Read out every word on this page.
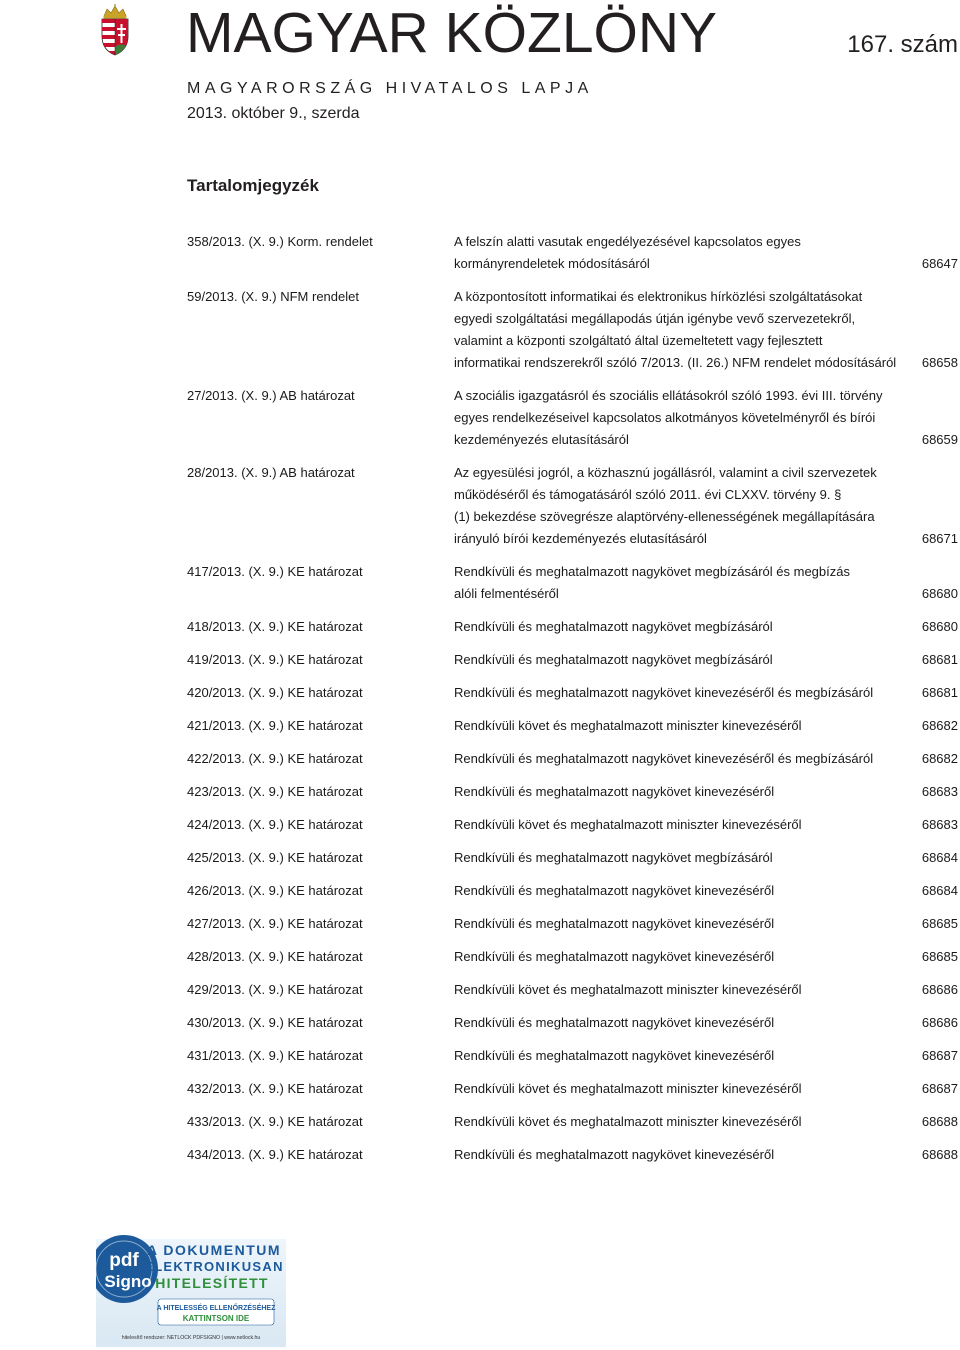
MAGYAR KÖZLÖNY	167. szám
MAGYARORSZÁG HIVATALOS LAPJA
2013. október 9., szerda
Tartalomjegyzék
358/2013. (X. 9.) Korm. rendelet	A felszín alatti vasutak engedélyezésével kapcsolatos egyes
kormányrendeletek módosításáról	68647
59/2013. (X. 9.) NFM rendelet	A központosított informatikai és elektronikus hírközlési szolgáltatásokat
egyedi szolgáltatási megállapodás útján igénybe vevő szervezetekről,
valamint a központi szolgáltató által üzemeltetett vagy fejlesztett
informatikai rendszerekről szóló 7/2013. (II. 26.) NFM rendelet módosításáról 68658
27/2013. (X. 9.) AB határozat	A szociális igazgatásról és szociális ellátásokról szóló 1993. évi III. törvény
egyes rendelkezéseivel kapcsolatos alkotmányos követelményről és bírói
kezdeményezés elutasításáról	68659
28/2013. (X. 9.) AB határozat	Az egyesülési jogról, a közhasznú jogállásról, valamint a civil szervezetek
működéséről és támogatásáról szóló 2011. évi CLXXV. törvény 9. §
(1) bekezdése szövegrésze alaptörvény-ellenességének megállapítására
irányuló bírói kezdeményezés elutasításáról	68671
417/2013. (X. 9.) KE határozat	Rendkívüli és meghatalmazott nagykövet megbízásáról és megbízás
alóli felmentéséről	68680
418/2013. (X. 9.) KE határozat	Rendkívüli és meghatalmazott nagykövet megbízásáról	68680
419/2013. (X. 9.) KE határozat	Rendkívüli és meghatalmazott nagykövet megbízásáról	68681
420/2013. (X. 9.) KE határozat	Rendkívüli és meghatalmazott nagykövet kinevezéséről és megbízásáról	68681
421/2013. (X. 9.) KE határozat	Rendkívüli követ és meghatalmazott miniszter kinevezéséről	68682
422/2013. (X. 9.) KE határozat	Rendkívüli és meghatalmazott nagykövet kinevezéséről és megbízásáról	68682
423/2013. (X. 9.) KE határozat	Rendkívüli és meghatalmazott nagykövet kinevezéséről	68683
424/2013. (X. 9.) KE határozat	Rendkívüli követ és meghatalmazott miniszter kinevezéséről	68683
425/2013. (X. 9.) KE határozat	Rendkívüli és meghatalmazott nagykövet megbízásáról	68684
426/2013. (X. 9.) KE határozat	Rendkívüli és meghatalmazott nagykövet kinevezéséről	68684
427/2013. (X. 9.) KE határozat	Rendkívüli és meghatalmazott nagykövet kinevezéséről	68685
428/2013. (X. 9.) KE határozat	Rendkívüli és meghatalmazott nagykövet kinevezéséről	68685
429/2013. (X. 9.) KE határozat	Rendkívüli követ és meghatalmazott miniszter kinevezéséről	68686
430/2013. (X. 9.) KE határozat	Rendkívüli és meghatalmazott nagykövet kinevezéséről	68686
431/2013. (X. 9.) KE határozat	Rendkívüli és meghatalmazott nagykövet kinevezéséről	68687
432/2013. (X. 9.) KE határozat	Rendkívüli követ és meghatalmazott miniszter kinevezéséről	68687
433/2013. (X. 9.) KE határozat	Rendkívüli követ és meghatalmazott miniszter kinevezéséről	68688
434/2013. (X. 9.) KE határozat	Rendkívüli és meghatalmazott nagykövet kinevezéséről	68688
pdf
Signo
A DOKUMENTUM
ELEKTRONIKUSAN
HITELESÍTETT
A HITELESSÉG ELLENŐRZÉSÉHEZ
KATTINTSON IDE
hitelesítő rendszer: NETLOCK PDFSIGNO | www.netlock.hu
